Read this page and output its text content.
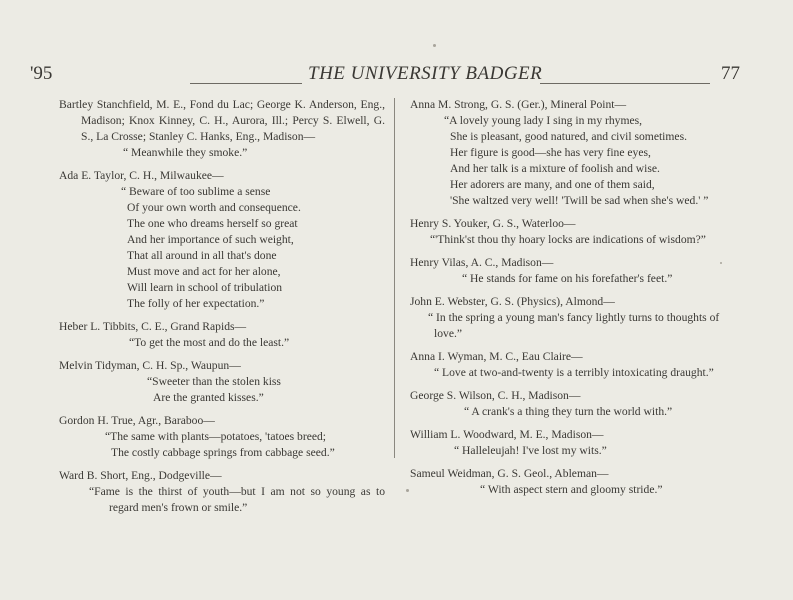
'95	THE UNIVERSITY BADGER	77

Bartley Stanchfield, M. E., Fond du Lac; George K. Anderson, Eng., Madison; Knox Kinney, C. H., Aurora, Ill.; Percy S. Elwell, G. S., La Crosse; Stanley C. Hanks, Eng., Madison—

“ Meanwhile they smoke.”

Ada E. Taylor, C. H., Milwaukee—

“ Beware of too sublime a sense

Of your own worth and consequence.

The one who dreams herself so great

And her importance of such weight,

That all around in all that's done

Must move and act for her alone,

Will learn in school of tribulation

The folly of her expectation.”

Heber L. Tibbits, C. E., Grand Rapids—

“To get the most and do the least.”

Melvin Tidyman, C. H. Sp., Waupun—

“Sweeter than the stolen kiss

Are the granted kisses.”

Gordon H. True, Agr., Baraboo—

“The same with plants—potatoes, 'tatoes breed;

The costly cabbage springs from cabbage seed.”

Ward B. Short, Eng., Dodgeville—

“Fame is the thirst of youth—but I am not so young as to

regard men's frown or smile.”

Anna M. Strong, G. S. (Ger.), Mineral Point—

“A lovely young lady I sing in my rhymes,

She is pleasant, good natured, and civil sometimes.

Her figure is good—she has very fine eyes,

And her talk is a mixture of foolish and wise.

Her adorers are many, and one of them said,

'She waltzed very well! 'Twill be sad when she's wed.' ”

Henry S. Youker, G. S., Waterloo—

“'Think'st thou thy hoary locks are indications of wisdom?”

Henry Vilas, A. C., Madison—

“ He stands for fame on his forefather's feet.”

John E. Webster, G. S. (Physics), Almond—

“ In the spring a young man's fancy lightly turns to thoughts of

love.”

Anna I. Wyman, M. C., Eau Claire—

“ Love at two-and-twenty is a terribly intoxicating draught.”

George S. Wilson, C. H., Madison—

“ A crank's a thing they turn the world with.”

William L. Woodward, M. E., Madison—

“ Halleleujah! I've lost my wits.”

Sameul Weidman, G. S. Geol., Ableman—

“ With aspect stern and gloomy stride.”
